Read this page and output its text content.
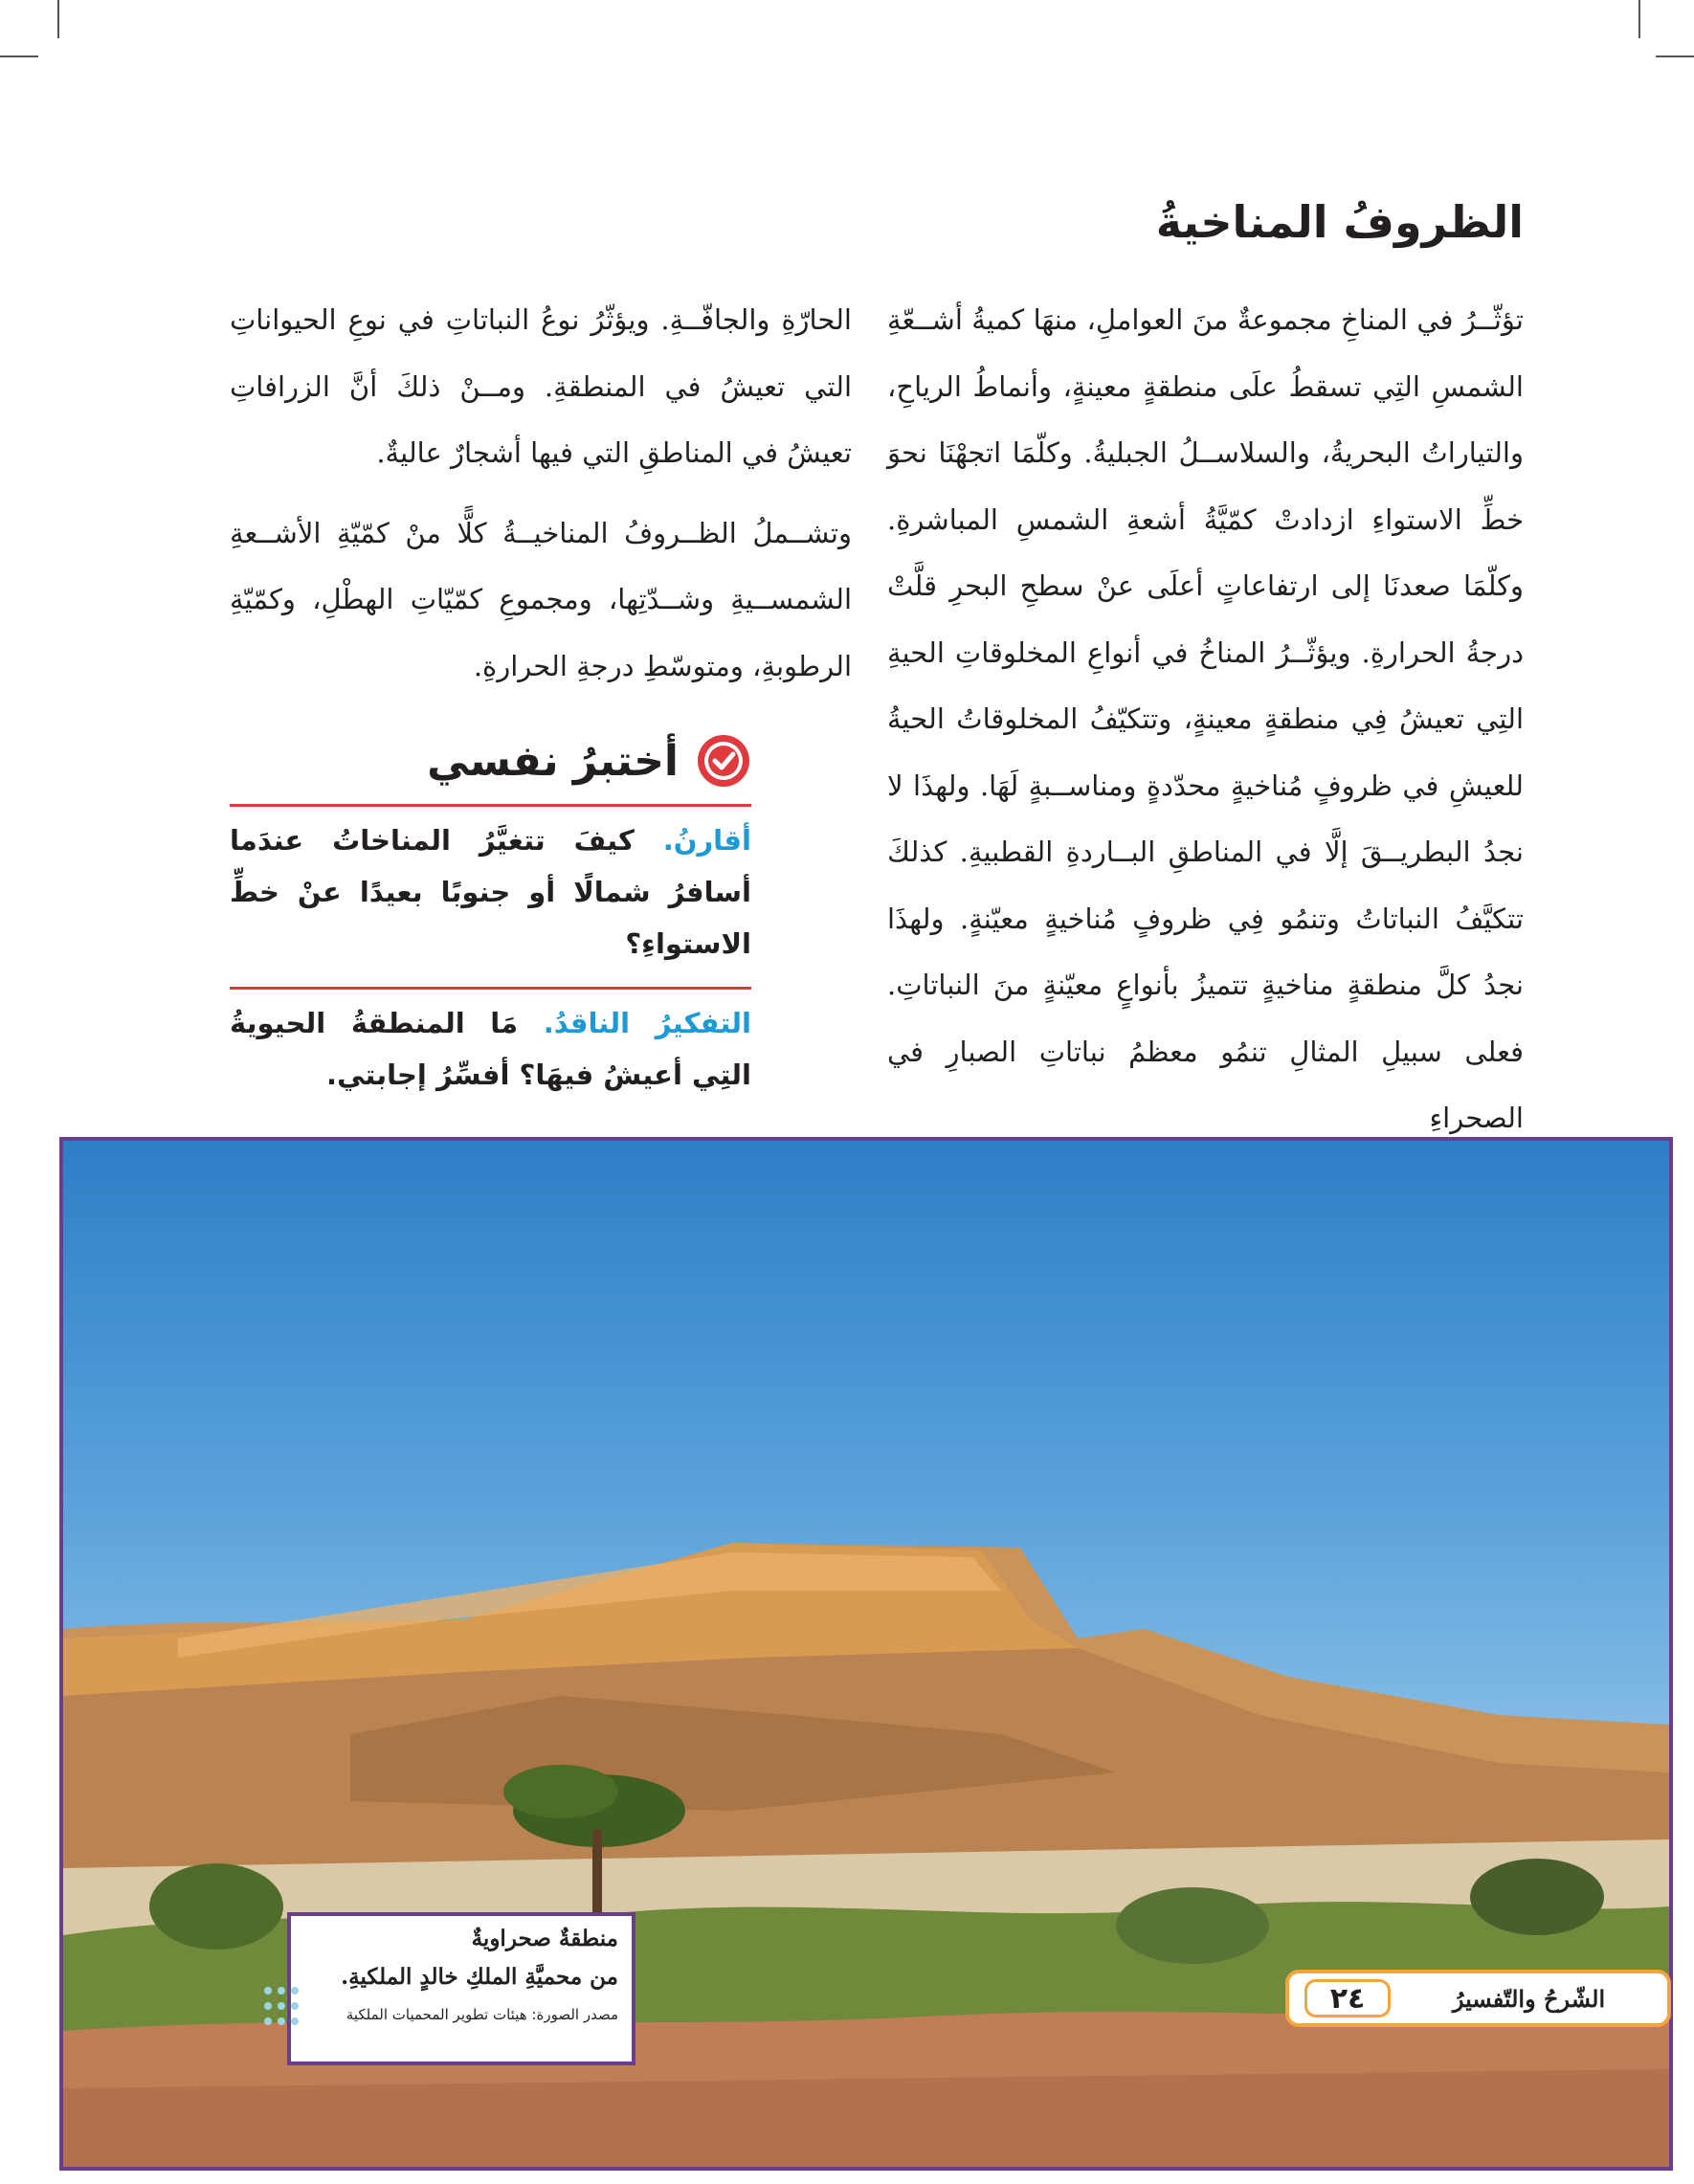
الظروفُ المناخيةُ

تؤثّــرُ في المناخِ مجموعةٌ منَ العواملِ، منهَا كميةُ أشــعّةِ الشمسِ التِي تسقطُ علَى منطقةٍ معينةٍ، وأنماطُ الرياحِ، والتياراتُ البحريةُ، والسلاســلُ الجبليةُ. وكلّمَا اتجهْنَا نحوَ خطِّ الاستواءِ ازدادتْ كمّيَّةُ أشعةِ الشمسِ المباشرةِ. وكلّمَا صعدنَا إلى ارتفاعاتٍ أعلَى عنْ سطحِ البحرِ قلَّتْ درجةُ الحرارةِ. ويؤثّــرُ المناخُ في أنواعِ المخلوقاتِ الحيةِ التِي تعيشُ فِي منطقةٍ معينةٍ، وتتكيّفُ المخلوقاتُ الحيةُ للعيشِ في ظروفٍ مُناخيةٍ محدّدةٍ ومناســبةٍ لَهَا. ولهذَا لا نجدُ البطريــقَ إلَّا في المناطقِ البــاردةِ القطبيةِ. كذلكَ تتكيَّفُ النباتاتُ وتنمُو فِي ظروفٍ مُناخيةٍ معيّنةٍ. ولهذَا نجدُ كلَّ منطقةٍ مناخيةٍ تتميزُ بأنواعٍ معيّنةٍ منَ النباتاتِ. فعلى سبيلِ المثالِ تنمُو معظمُ نباتاتِ الصبارِ في الصحراءِ

الحارّةِ والجافّــةِ. ويؤثّرُ نوعُ النباتاتِ في نوعِ الحيواناتِ التي تعيشُ في المنطقةِ. ومــنْ ذلكَ أنَّ الزرافاتِ تعيشُ في المناطقِ التي فيها أشجارٌ عاليةٌ.

وتشــملُ الظــروفُ المناخيــةُ كلًّا منْ كمّيّةِ الأشــعةِ الشمســيةِ وشــدّتِها، ومجموعِ كمّيّاتِ الهطْلِ، وكمّيّةِ الرطوبةِ، ومتوسّطِ درجةِ الحرارةِ.

أختبرُ نفسي
أقارنُ. كيفَ تتغيَّرُ المناخاتُ عندَما أسافرُ شمالًا أو جنوبًا بعيدًا عنْ خطِّ الاستواءِ؟
التفكيرُ الناقدُ. مَا المنطقةُ الحيويةُ التِي أعيشُ فيهَا؟ أفسِّرُ إجابتي.
منطقةٌ صحراويةٌ
من محميَّةِ الملكِ خالدٍ الملكيةِ.
مصدر الصورة: هيئات تطوير المحميات الملكية
الشّرحُ والتّفسيرُ
٢٤
